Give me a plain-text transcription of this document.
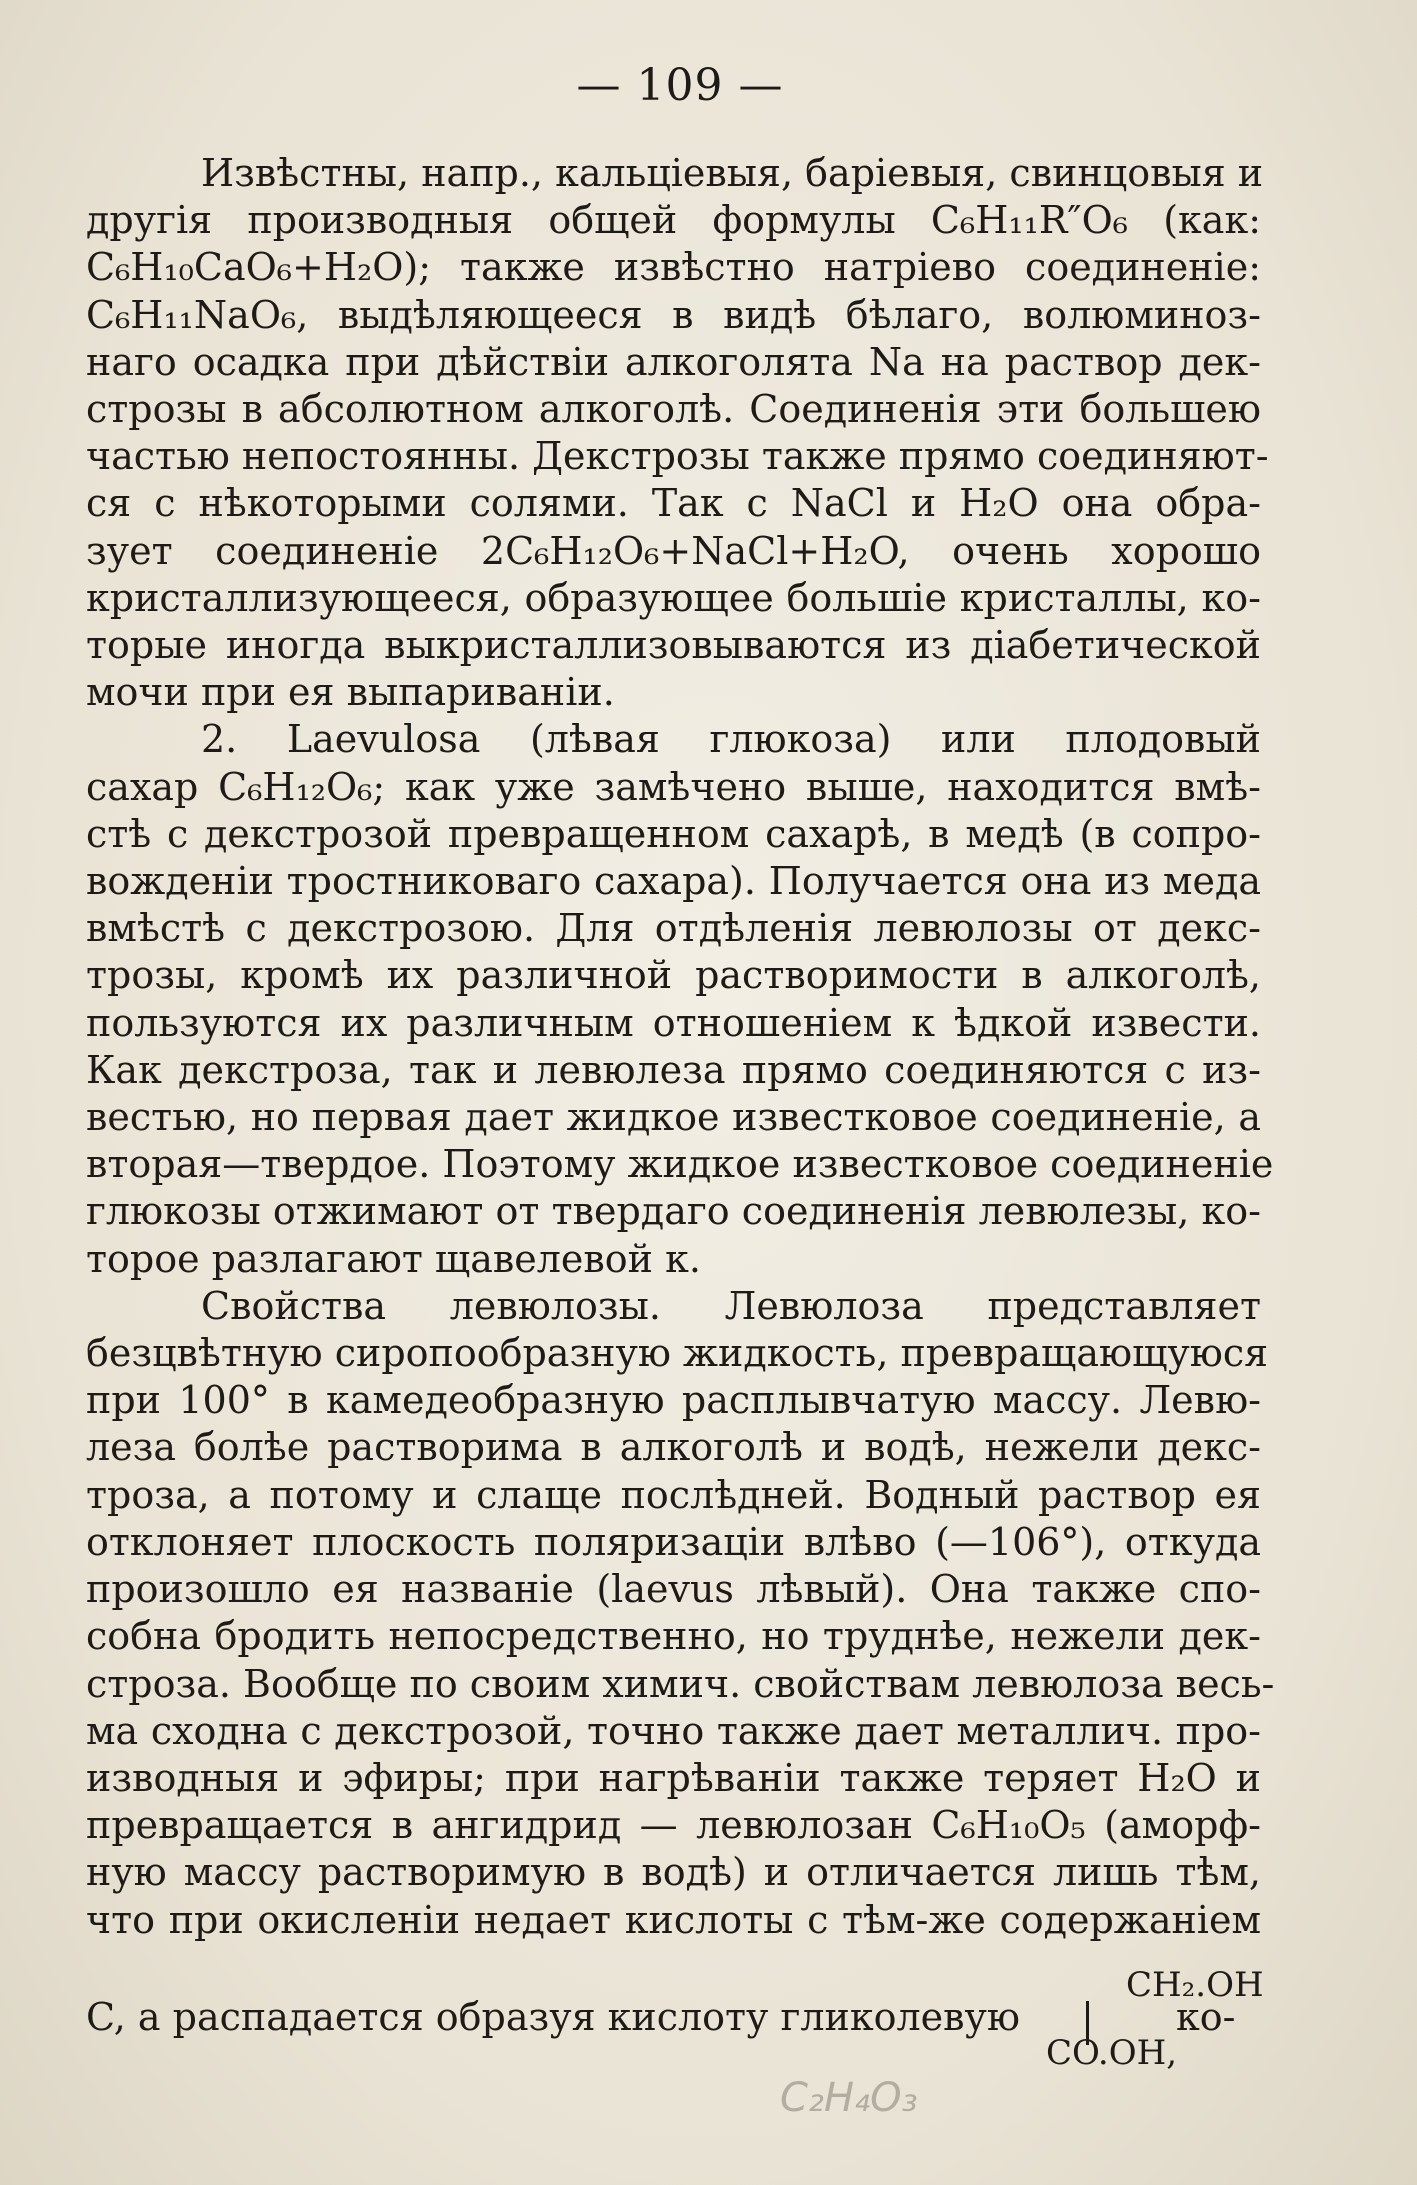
— 109 —
Извѣстны, напр., кальціевыя, баріевыя, свинцовыя и
другія производныя общей формулы C₆H₁₁R″O₆ (как:
C₆H₁₀CaO₆+H₂O); также извѣстно натріево соединеніе:
C₆H₁₁NaO₆, выдѣляющееся в видѣ бѣлаго, волюминоз-
наго осадка при дѣйствіи алкоголята Na на раствор дек-
строзы в абсолютном алкоголѣ. Соединенія эти большею
частью непостоянны. Декстрозы также прямо соединяют-
ся с нѣкоторыми солями. Так с NaCl и H₂O она обра-
зует соединеніе 2C₆H₁₂O₆+NaCl+H₂O, очень хорошо
кристаллизующееся, образующее большіе кристаллы, ко-
торые иногда выкристаллизовываются из діабетической
мочи при ея выпариваніи.
2. Laevulosa (лѣвая глюкоза) или плодовый
сахар C₆H₁₂O₆; как уже замѣчено выше, находится вмѣ-
стѣ с декстрозой превращенном сахарѣ, в медѣ (в сопро-
вожденіи тростниковаго сахара). Получается она из меда
вмѣстѣ с декстрозою. Для отдѣленія левюлозы от декс-
трозы, кромѣ их различной растворимости в алкоголѣ,
пользуются их различным отношеніем к ѣдкой извести.
Как декстроза, так и левюлеза прямо соединяются с из-
вестью, но первая дает жидкое известковое соединеніе, а
вторая—твердое. Поэтому жидкое известковое соединеніе
глюкозы отжимают от твердаго соединенія левюлезы, ко-
торое разлагают щавелевой к.
Свойства левюлозы. Левюлоза представляет
безцвѣтную сиропообразную жидкость, превращающуюся
при 100° в камедеобразную расплывчатую массу. Левю-
леза болѣе растворима в алкоголѣ и водѣ, нежели декс-
троза, а потому и слаще послѣдней. Водный раствор ея
отклоняет плоскость поляризаціи влѣво (—106°), откуда
произошло ея названіе (laevus лѣвый). Она также спо-
собна бродить непосредственно, но труднѣе, нежели дек-
строза. Вообще по своим химич. свойствам левюлоза весь-
ма сходна с декстрозой, точно также дает металлич. про-
изводныя и эфиры; при нагрѣваніи также теряет H₂O и
превращается в ангидрид — левюлозан C₆H₁₀O₅ (аморф-
ную массу растворимую в водѣ) и отличается лишь тѣм,
что при окисленіи недает кислоты с тѣм-же содержаніем
CH₂.OH
C, а распадается образуя кислоту гликолевую	ко-
CO.OH,
C₂H₄O₃
